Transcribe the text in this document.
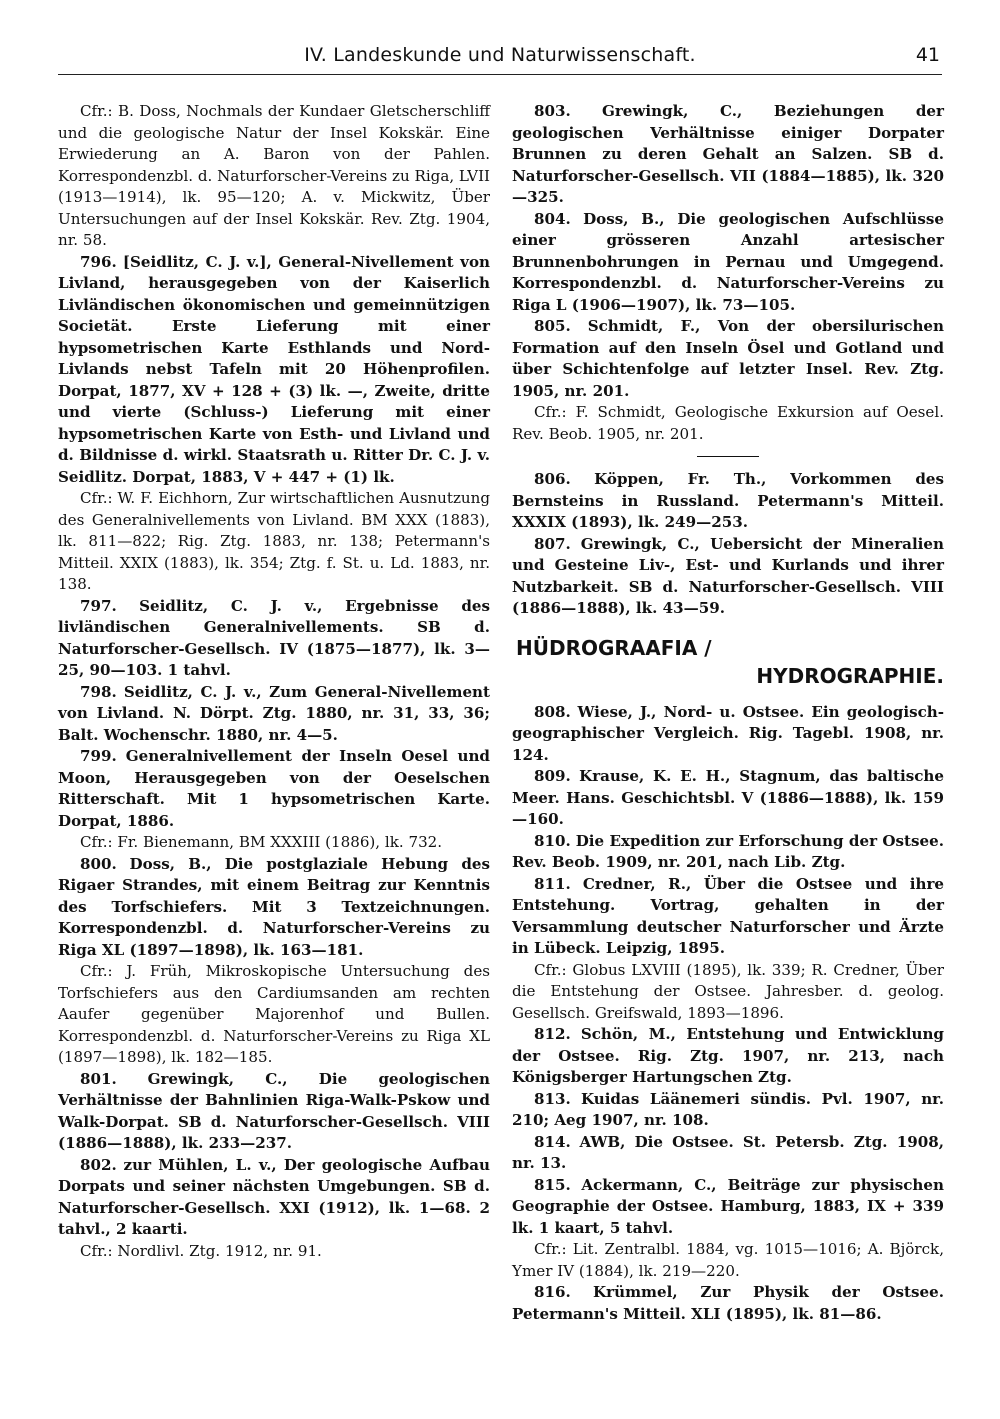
IV. Landeskunde und Naturwissenschaft.	41

Cfr.: B. Doss, Nochmals der Kundaer Gletscherschliff und die geologische Natur der Insel Kokskär. Eine Erwiederung an A. Baron von der Pahlen. Korrespondenzbl. d. Naturforscher-Vereins zu Riga, LVII (1913—1914), lk. 95—120; A. v. Mickwitz, Über Untersuchungen auf der Insel Kokskär. Rev. Ztg. 1904, nr. 58.

796. [Seidlitz, C. J. v.], General-Nivellement von Livland, herausgegeben von der Kaiserlich Livländischen ökonomischen und gemeinnützigen Societät. Erste Lieferung mit einer hypsometrischen Karte Esthlands und Nord-Livlands nebst Tafeln mit 20 Höhenprofilen. Dorpat, 1877, XV + 128 + (3) lk. —, Zweite, dritte und vierte (Schluss-) Lieferung mit einer hypsometrischen Karte von Esth- und Livland und d. Bildnisse d. wirkl. Staatsrath u. Ritter Dr. C. J. v. Seidlitz. Dorpat, 1883, V + 447 + (1) lk.

Cfr.: W. F. Eichhorn, Zur wirtschaftlichen Ausnutzung des Generalnivellements von Livland. BM XXX (1883), lk. 811—822; Rig. Ztg. 1883, nr. 138; Petermann's Mitteil. XXIX (1883), lk. 354; Ztg. f. St. u. Ld. 1883, nr. 138.

797. Seidlitz, C. J. v., Ergebnisse des livländischen Generalnivellements. SB d. Naturforscher-Gesellsch. IV (1875—1877), lk. 3—25, 90—103. 1 tahvl.

798. Seidlitz, C. J. v., Zum General-Nivellement von Livland. N. Dörpt. Ztg. 1880, nr. 31, 33, 36; Balt. Wochenschr. 1880, nr. 4—5.

799. Generalnivellement der Inseln Oesel und Moon, Herausgegeben von der Oeselschen Ritterschaft. Mit 1 hypsometrischen Karte. Dorpat, 1886.

Cfr.: Fr. Bienemann, BM XXXIII (1886), lk. 732.

800. Doss, B., Die postglaziale Hebung des Rigaer Strandes, mit einem Beitrag zur Kenntnis des Torfschiefers. Mit 3 Textzeichnungen. Korrespondenzbl. d. Naturforscher-Vereins zu Riga XL (1897—1898), lk. 163—181.

Cfr.: J. Früh, Mikroskopische Untersuchung des Torfschiefers aus den Cardiumsanden am rechten Aaufer gegenüber Majorenhof und Bullen. Korrespondenzbl. d. Naturforscher-Vereins zu Riga XL (1897—1898), lk. 182—185.

801. Grewingk, C., Die geologischen Verhältnisse der Bahnlinien Riga-Walk-Pskow und Walk-Dorpat. SB d. Naturforscher-Gesellsch. VIII (1886—1888), lk. 233—237.

802. zur Mühlen, L. v., Der geologische Aufbau Dorpats und seiner nächsten Umgebungen. SB d. Naturforscher-Gesellsch. XXI (1912), lk. 1—68. 2 tahvl., 2 kaarti.

Cfr.: Nordlivl. Ztg. 1912, nr. 91.

803. Grewingk, C., Beziehungen der geologischen Verhältnisse einiger Dorpater Brunnen zu deren Gehalt an Salzen. SB d. Naturforscher-Gesellsch. VII (1884—1885), lk. 320—325.

804. Doss, B., Die geologischen Aufschlüsse einer grösseren Anzahl artesischer Brunnenbohrungen in Pernau und Umgegend. Korrespondenzbl. d. Naturforscher-Vereins zu Riga L (1906—1907), lk. 73—105.

805. Schmidt, F., Von der obersilurischen Formation auf den Inseln Ösel und Gotland und über Schichtenfolge auf letzter Insel. Rev. Ztg. 1905, nr. 201.

Cfr.: F. Schmidt, Geologische Exkursion auf Oesel. Rev. Beob. 1905, nr. 201.

806. Köppen, Fr. Th., Vorkommen des Bernsteins in Russland. Petermann's Mitteil. XXXIX (1893), lk. 249—253.

807. Grewingk, C., Uebersicht der Mineralien und Gesteine Liv-, Est- und Kurlands und ihrer Nutzbarkeit. SB d. Naturforscher-Gesellsch. VIII (1886—1888), lk. 43—59.

HÜDROGRAAFIA /
HYDROGRAPHIE.

808. Wiese, J., Nord- u. Ostsee. Ein geologisch-geographischer Vergleich. Rig. Tagebl. 1908, nr. 124.

809. Krause, K. E. H., Stagnum, das baltische Meer. Hans. Geschichtsbl. V (1886—1888), lk. 159—160.

810. Die Expedition zur Erforschung der Ostsee. Rev. Beob. 1909, nr. 201, nach Lib. Ztg.

811. Credner, R., Über die Ostsee und ihre Entstehung. Vortrag, gehalten in der Versammlung deutscher Naturforscher und Ärzte in Lübeck. Leipzig, 1895.

Cfr.: Globus LXVIII (1895), lk. 339; R. Credner, Über die Entstehung der Ostsee. Jahresber. d. geolog. Gesellsch. Greifswald, 1893—1896.

812. Schön, M., Entstehung und Entwicklung der Ostsee. Rig. Ztg. 1907, nr. 213, nach Königsberger Hartungschen Ztg.

813. Kuidas Läänemeri sündis. Pvl. 1907, nr. 210; Aeg 1907, nr. 108.

814. AWB, Die Ostsee. St. Petersb. Ztg. 1908, nr. 13.

815. Ackermann, C., Beiträge zur physischen Geographie der Ostsee. Hamburg, 1883, IX + 339 lk. 1 kaart, 5 tahvl.

Cfr.: Lit. Zentralbl. 1884, vg. 1015—1016; A. Björck, Ymer IV (1884), lk. 219—220.

816. Krümmel, Zur Physik der Ostsee. Petermann's Mitteil. XLI (1895), lk. 81—86.
